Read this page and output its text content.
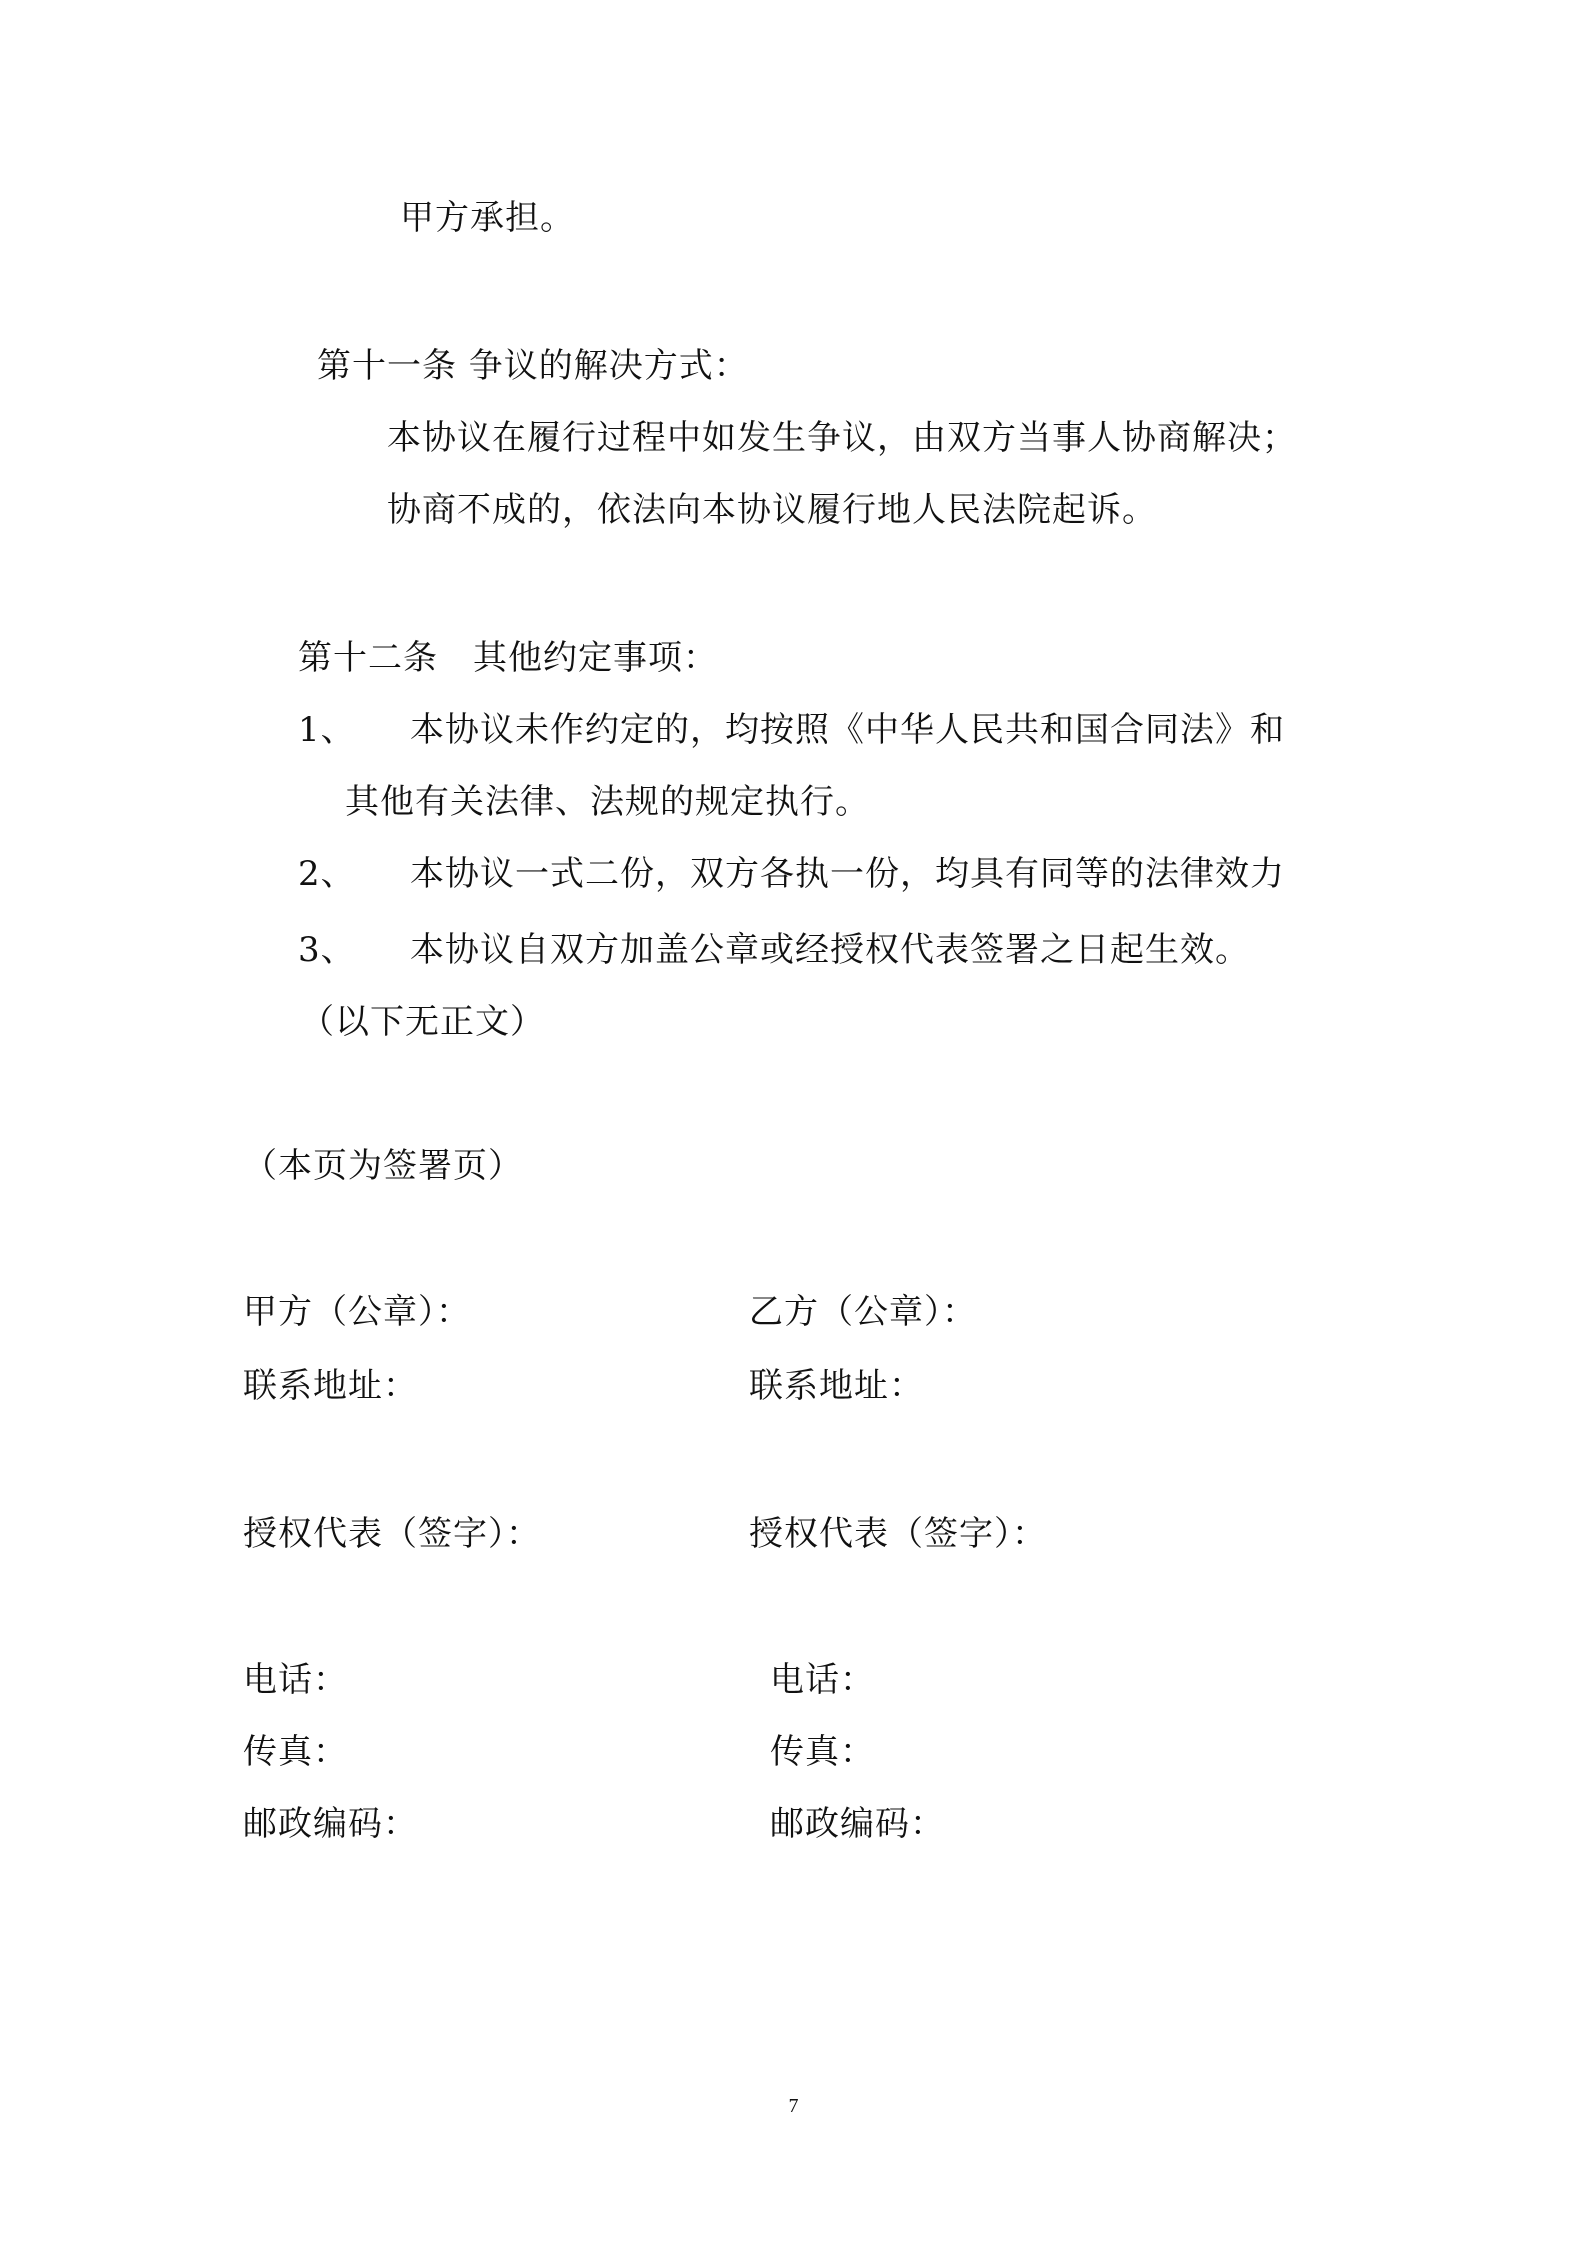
甲方承担。
第十一条 争议的解决方式：
本协议在履行过程中如发生争议，由双方当事人协商解决；
协商不成的，依法向本协议履行地人民法院起诉。
第十二条　其他约定事项：
1、 本协议未作约定的，均按照《中华人民共和国合同法》和
其他有关法律、法规的规定执行。
2、 本协议一式二份，双方各执一份，均具有同等的法律效力
3、 本协议自双方加盖公章或经授权代表签署之日起生效。
（以下无正文）
（本页为签署页）
甲方（公章）：
联系地址：
授权代表（签字）：
电话：
传真：
邮政编码：
乙方（公章）：
联系地址：
授权代表（签字）：
电话：
传真：
邮政编码：
7
